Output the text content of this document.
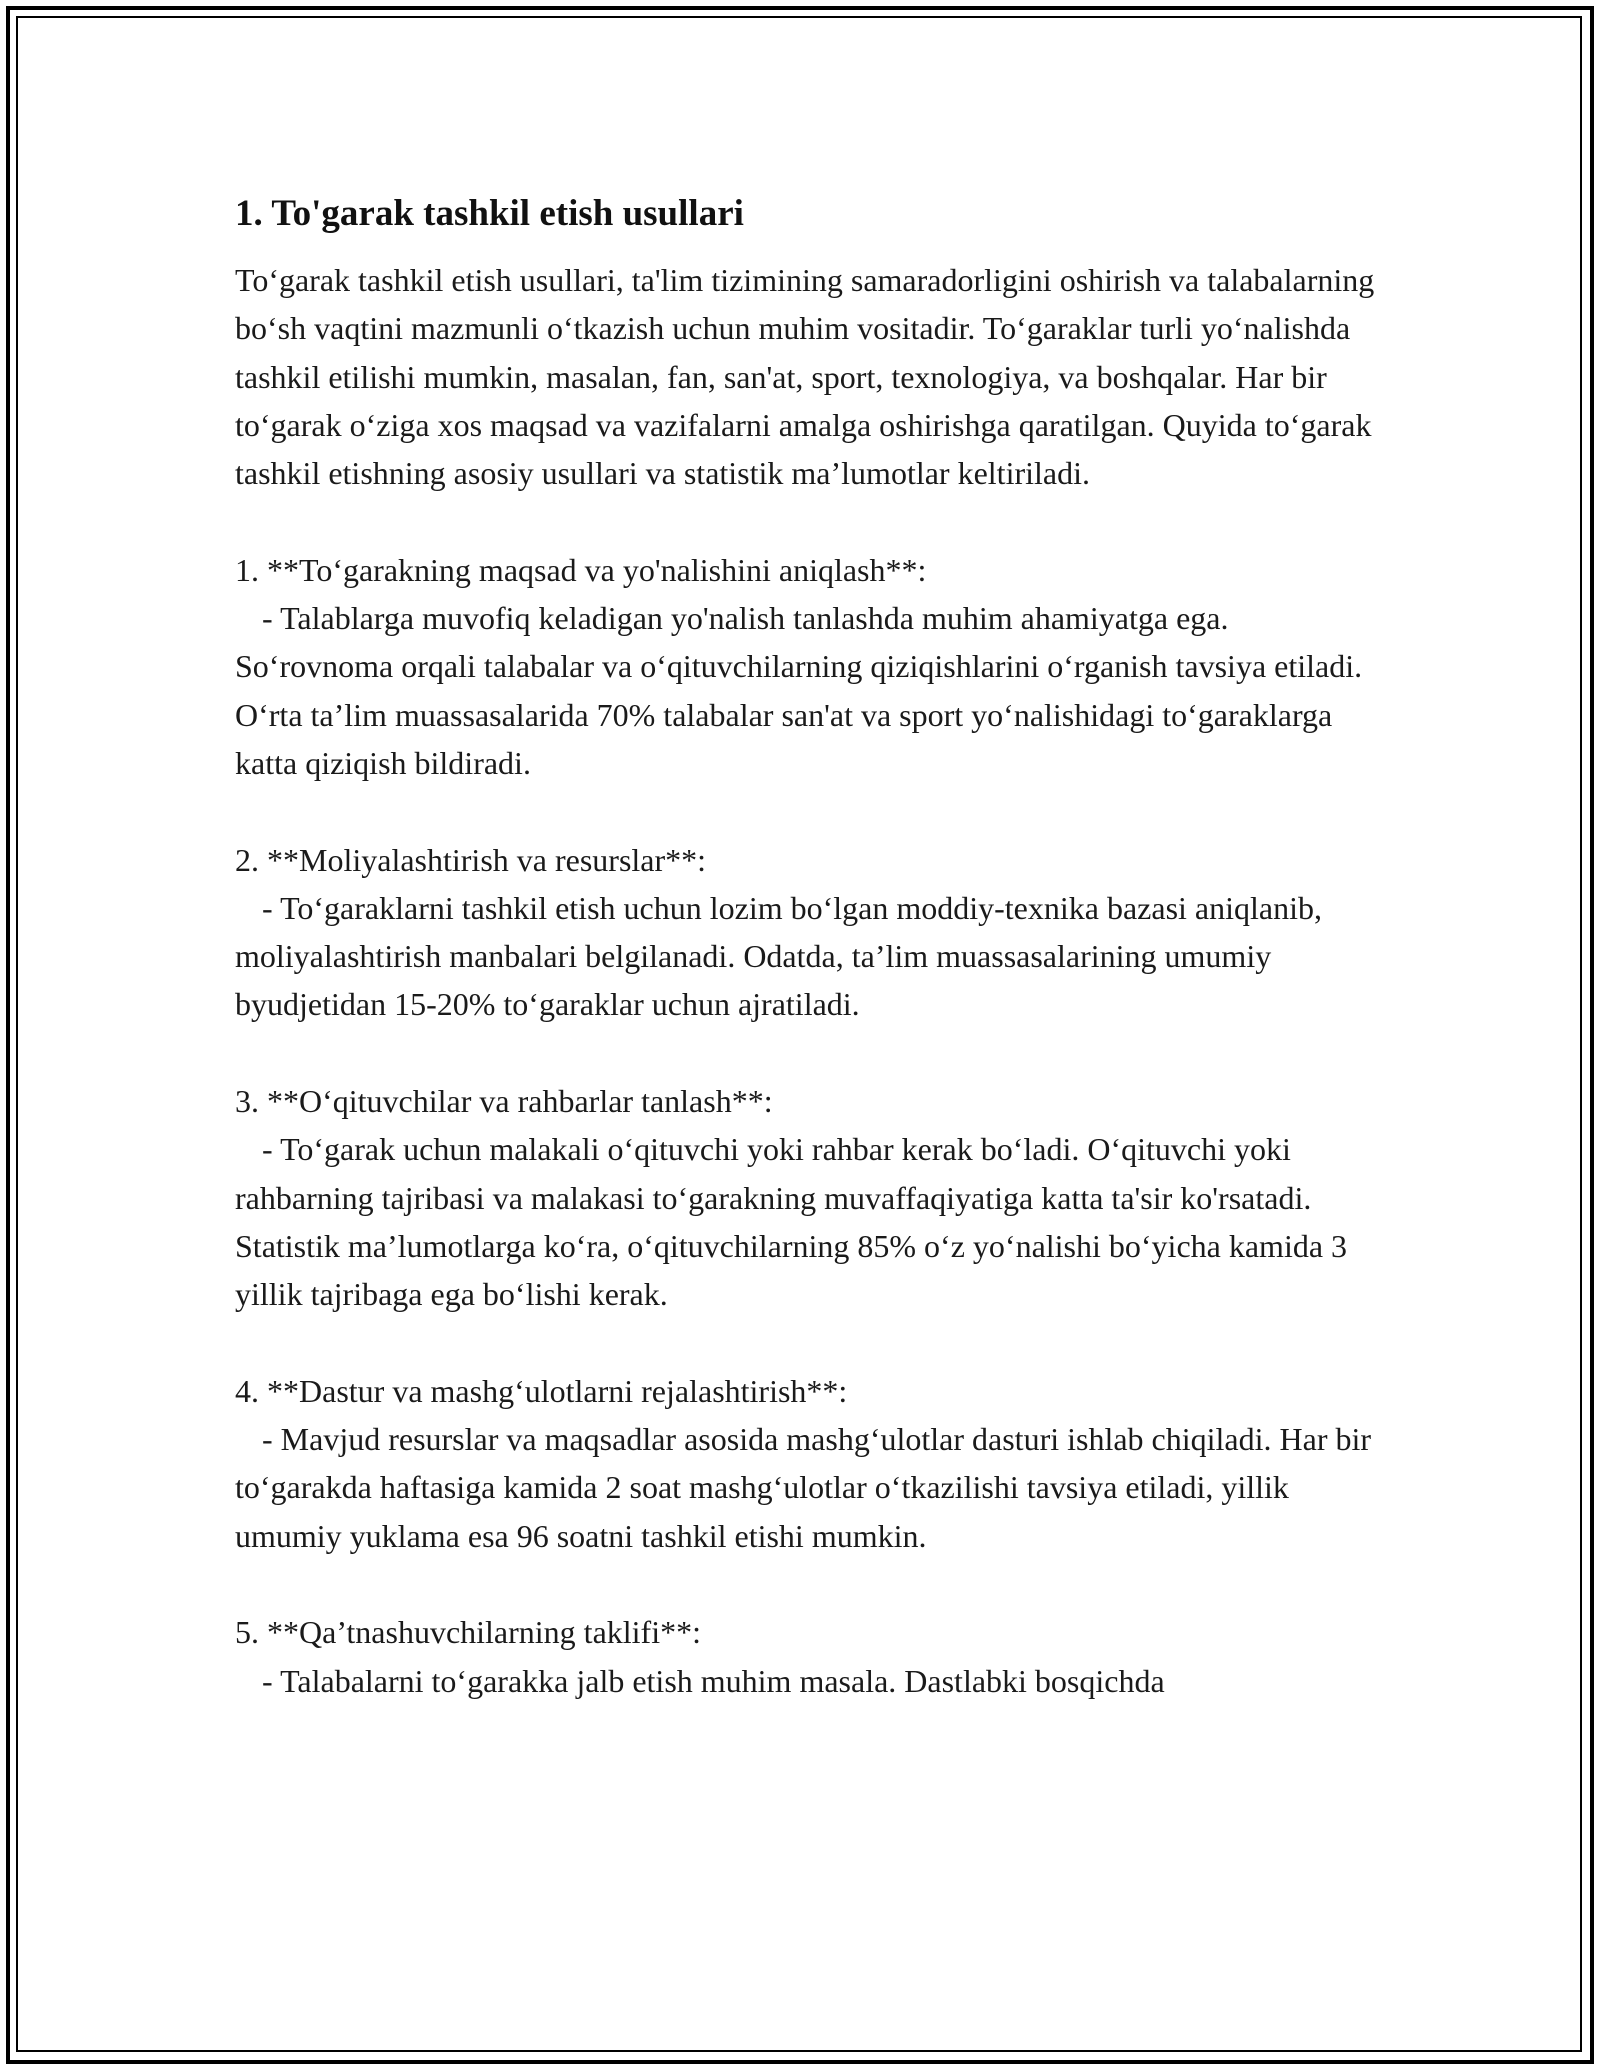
1. To'garak tashkil etish usullari

To‘garak tashkil etish usullari, ta'lim tizimining samaradorligini oshirish va talabalarning bo‘sh vaqtini mazmunli o‘tkazish uchun muhim vositadir. To‘garaklar turli yo‘nalishda tashkil etilishi mumkin, masalan, fan, san'at, sport, texnologiya, va boshqalar. Har bir to‘garak o‘ziga xos maqsad va vazifalarni amalga oshirishga qaratilgan. Quyida to‘garak tashkil etishning asosiy usullari va statistik ma’lumotlar keltiriladi.

1. **To‘garakning maqsad va yo'nalishini aniqlash**:

- Talablarga muvofiq keladigan yo'nalish tanlashda muhim ahamiyatga ega. So‘rovnoma orqali talabalar va o‘qituvchilarning qiziqishlarini o‘rganish tavsiya etiladi. O‘rta ta’lim muassasalarida 70% talabalar san'at va sport yo‘nalishidagi to‘garaklarga katta qiziqish bildiradi.

2. **Moliyalashtirish va resurslar**:

- To‘garaklarni tashkil etish uchun lozim bo‘lgan moddiy-texnika bazasi aniqlanib, moliyalashtirish manbalari belgilanadi. Odatda, ta’lim muassasalarining umumiy byudjetidan 15-20% to‘garaklar uchun ajratiladi.

3. **O‘qituvchilar va rahbarlar tanlash**:

- To‘garak uchun malakali o‘qituvchi yoki rahbar kerak bo‘ladi. O‘qituvchi yoki rahbarning tajribasi va malakasi to‘garakning muvaffaqiyatiga katta ta'sir ko'rsatadi. Statistik ma’lumotlarga ko‘ra, o‘qituvchilarning 85% o‘z yo‘nalishi bo‘yicha kamida 3 yillik tajribaga ega bo‘lishi kerak.

4. **Dastur va mashg‘ulotlarni rejalashtirish**:

- Mavjud resurslar va maqsadlar asosida mashg‘ulotlar dasturi ishlab chiqiladi. Har bir to‘garakda haftasiga kamida 2 soat mashg‘ulotlar o‘tkazilishi tavsiya etiladi, yillik umumiy yuklama esa 96 soatni tashkil etishi mumkin.

5. **Qa’tnashuvchilarning taklifi**:

- Talabalarni to‘garakka jalb etish muhim masala. Dastlabki bosqichda
